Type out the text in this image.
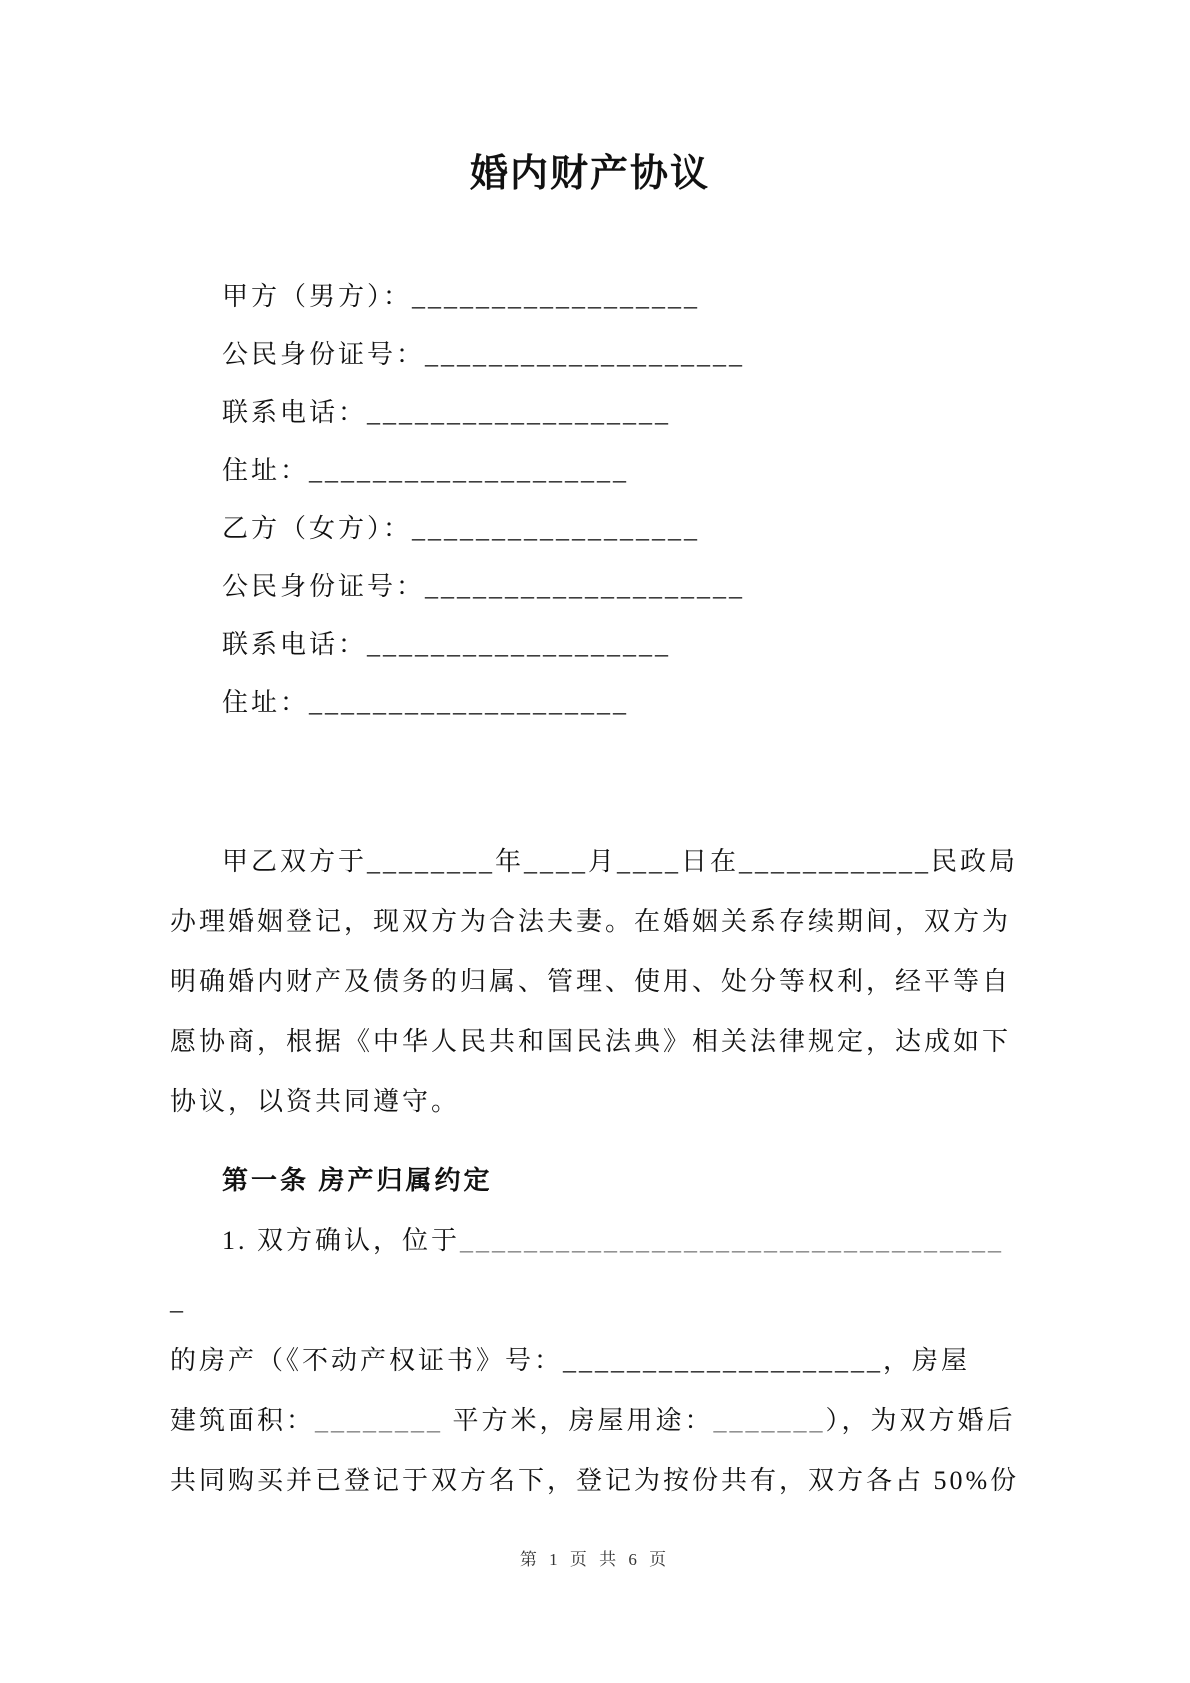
婚内财产协议
甲方（男方）：__________________
公民身份证号：____________________
联系电话：___________________
住址：____________________
乙方（女方）：__________________
公民身份证号：____________________
联系电话：___________________
住址：____________________
甲乙双方于________年____月____日在____________民政局
办理婚姻登记，现双方为合法夫妻。在婚姻关系存续期间，双方为
明确婚内财产及债务的归属、管理、使用、处分等权利，经平等自
愿协商，根据《中华人民共和国民法典》相关法律规定，达成如下
协议，以资共同遵守。
第一条 房产归属约定
1. 双方确认，位于__________________________________
_
的房产（《不动产权证书》号：____________________，房屋
建筑面积：________ 平方米，房屋用途：_______），为双方婚后
共同购买并已登记于双方名下，登记为按份共有，双方各占 50%份
第 1 页 共 6 页
